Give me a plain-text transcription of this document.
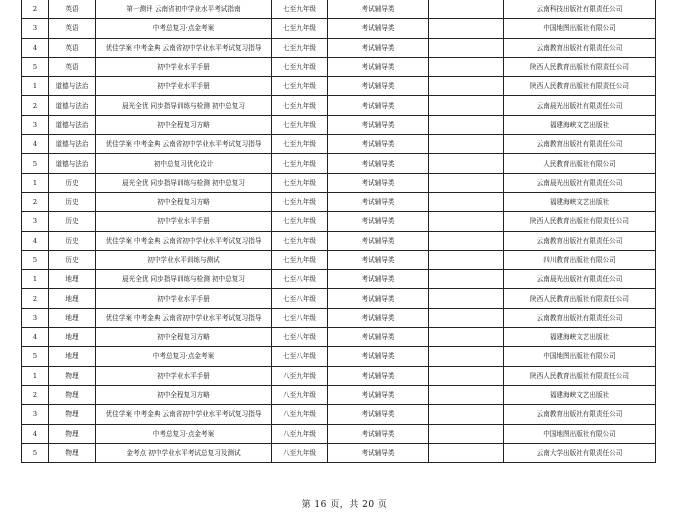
2	英语	第一测评 云南省初中学业水平考试指南	七至九年级	考试辅导类		云南科技出版社有限责任公司
3	英语	中考总复习·点金考案	七至九年级	考试辅导类		中国地图出版社有限公司
4	英语	优佳学案 中考金典 云南省初中学业水平考试复习指导	七至九年级	考试辅导类		云南教育出版社有限责任公司
5	英语	初中学业水平手册	七至九年级	考试辅导类		陕西人民教育出版社有限责任公司
1	道德与法治	初中学业水平手册	七至九年级	考试辅导类		陕西人民教育出版社有限责任公司
2	道德与法治	晨光全优 同步指导训练与检测 初中总复习	七至九年级	考试辅导类		云南晨光出版社有限责任公司
3	道德与法治	初中全程复习方略	七至九年级	考试辅导类		福建海峡文艺出版社
4	道德与法治	优佳学案 中考金典 云南省初中学业水平考试复习指导	七至九年级	考试辅导类		云南教育出版社有限责任公司
5	道德与法治	初中总复习优化设计	七至九年级	考试辅导类		人民教育出版社有限公司
1	历史	晨光全优 同步指导训练与检测 初中总复习	七至九年级	考试辅导类		云南晨光出版社有限责任公司
2	历史	初中全程复习方略	七至九年级	考试辅导类		福建海峡文艺出版社
3	历史	初中学业水平手册	七至九年级	考试辅导类		陕西人民教育出版社有限责任公司
4	历史	优佳学案 中考金典 云南省初中学业水平考试复习指导	七至九年级	考试辅导类		云南教育出版社有限责任公司
5	历史	初中学业水平训练与测试	七至九年级	考试辅导类		四川教育出版社有限公司
1	地理	晨光全优 同步指导训练与检测 初中总复习	七至八年级	考试辅导类		云南晨光出版社有限责任公司
2	地理	初中学业水平手册	七至八年级	考试辅导类		陕西人民教育出版社有限责任公司
3	地理	优佳学案 中考金典 云南省初中学业水平考试复习指导	七至八年级	考试辅导类		云南教育出版社有限责任公司
4	地理	初中全程复习方略	七至八年级	考试辅导类		福建海峡文艺出版社
5	地理	中考总复习·点金考案	七至八年级	考试辅导类		中国地图出版社有限公司
1	物理	初中学业水平手册	八至九年级	考试辅导类		陕西人民教育出版社有限责任公司
2	物理	初中全程复习方略	八至九年级	考试辅导类		福建海峡文艺出版社
3	物理	优佳学案 中考金典 云南省初中学业水平考试复习指导	八至九年级	考试辅导类		云南教育出版社有限责任公司
4	物理	中考总复习·点金考案	八至九年级	考试辅导类		中国地图出版社有限公司
5	物理	金考点 初中学业水平考试总复习及测试	八至九年级	考试辅导类		云南大学出版社有限责任公司
第 16 页，共 20 页
